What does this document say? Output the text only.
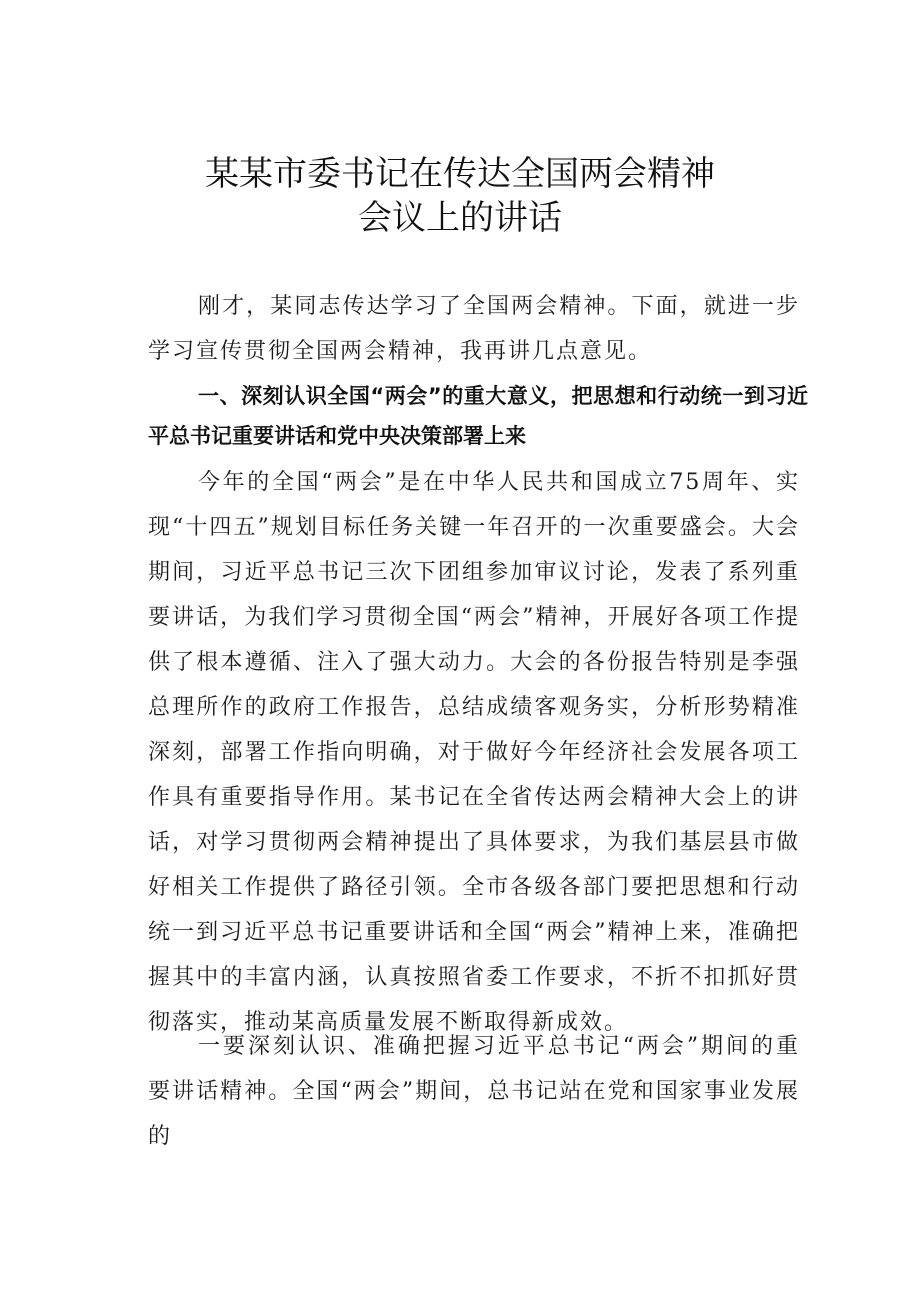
某某市委书记在传达全国两会精神
会议上的讲话

刚才，某同志传达学习了全国两会精神。下面，就进一步学习宣传贯彻全国两会精神，我再讲几点意见。

一、深刻认识全国“两会”的重大意义，把思想和行动统一到习近平总书记重要讲话和党中央决策部署上来

今年的全国“两会”是在中华人民共和国成立75周年、实现“十四五”规划目标任务关键一年召开的一次重要盛会。大会期间，习近平总书记三次下团组参加审议讨论，发表了系列重要讲话，为我们学习贯彻全国“两会”精神，开展好各项工作提供了根本遵循、注入了强大动力。大会的各份报告特别是李强总理所作的政府工作报告，总结成绩客观务实，分析形势精准深刻，部署工作指向明确，对于做好今年经济社会发展各项工作具有重要指导作用。某书记在全省传达两会精神大会上的讲话，对学习贯彻两会精神提出了具体要求，为我们基层县市做好相关工作提供了路径引领。全市各级各部门要把思想和行动统一到习近平总书记重要讲话和全国“两会”精神上来，准确把握其中的丰富内涵，认真按照省委工作要求，不折不扣抓好贯彻落实，推动某高质量发展不断取得新成效。

一要深刻认识、准确把握习近平总书记“两会”期间的重要讲话精神。全国“两会”期间，总书记站在党和国家事业发展的
